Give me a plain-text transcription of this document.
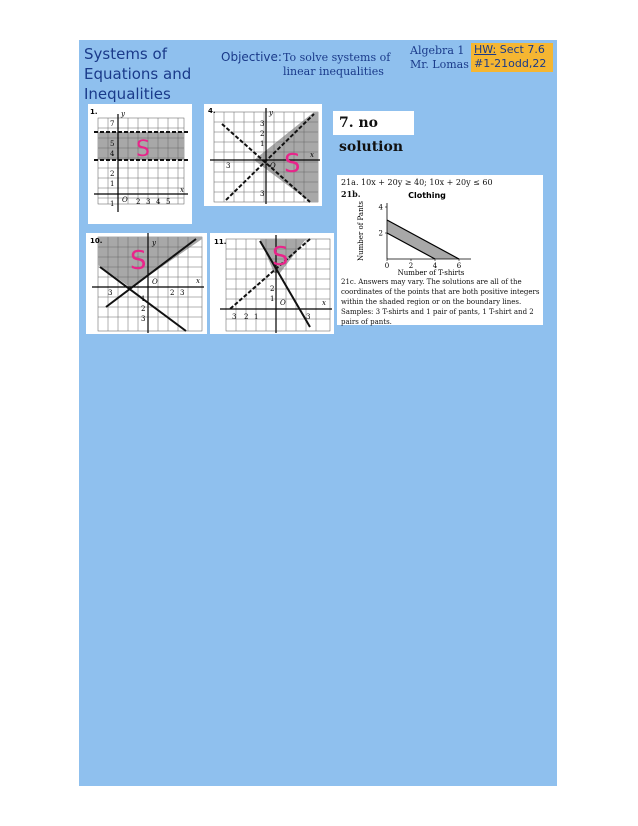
Systems of Equations and Inequalities
Objective: To solve systems of
linear inequalities
Algebra 1
Mr. Lomas
HW: Sect 7.6
#1-21odd,22
1.	y
x
O
7
5
4
2
1
1	2 3 4 5
S
4.	y
x
O
3
2
1
3
3 S
7. no solution
10.	y
x
O
3	2 3
1
2
3
S
11.
x
O
2
1
3 2 1	3
S
21a. 10x + 20y ≥ 40; 10x + 20y ≤ 60
21b.	Clothing
Number of Pants
Number of T-shirts
0	2	4	6
2
4
21c. Answers may vary. The solutions are all of the coordinates of the points that are both positive integers within the shaded region or on the boundary lines. Samples: 3 T-shirts and 1 pair of pants, 1 T-shirt and 2 pairs of pants.
